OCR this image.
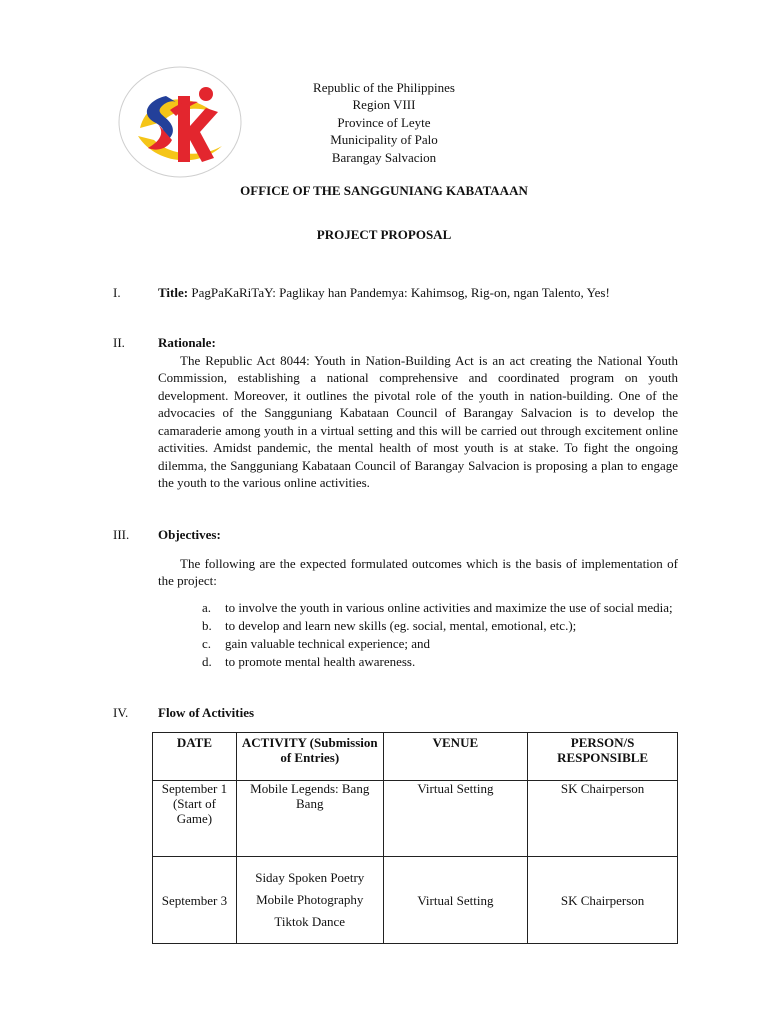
Republic of the Philippines
Region VIII
Province of Leyte
Municipality of Palo
Barangay Salvacion
OFFICE OF THE SANGGUNIANG KABATAAAN
PROJECT PROPOSAL
I.	Title: PagPaKaRiTaY: Paglikay han Pandemya: Kahimsog, Rig-on, ngan Talento, Yes!
II.	Rationale:
The Republic Act 8044: Youth in Nation-Building Act is an act creating the National Youth Commission, establishing a national comprehensive and coordinated program on youth development. Moreover, it outlines the pivotal role of the youth in nation-building. One of the advocacies of the Sangguniang Kabataan Council of Barangay Salvacion is to develop the camaraderie among youth in a virtual setting and this will be carried out through excitement online activities. Amidst pandemic, the mental health of most youth is at stake. To fight the ongoing dilemma, the Sangguniang Kabataan Council of Barangay Salvacion is proposing a plan to engage the youth to the various online activities.
III. Objectives:
The following are the expected formulated outcomes which is the basis of implementation of the project:
a. to involve the youth in various online activities and maximize the use of social media;
b. to develop and learn new skills (eg. social, mental, emotional, etc.);
c. gain valuable technical experience; and
d. to promote mental health awareness.
IV. Flow of Activities
DATE	ACTIVITY (Submission of Entries)	VENUE	PERSON/S RESPONSIBLE
September 1 (Start of Game)	Mobile Legends: Bang Bang	Virtual Setting	SK Chairperson
September 3	Siday Spoken Poetry
Mobile Photography
Tiktok Dance	Virtual Setting	SK Chairperson
